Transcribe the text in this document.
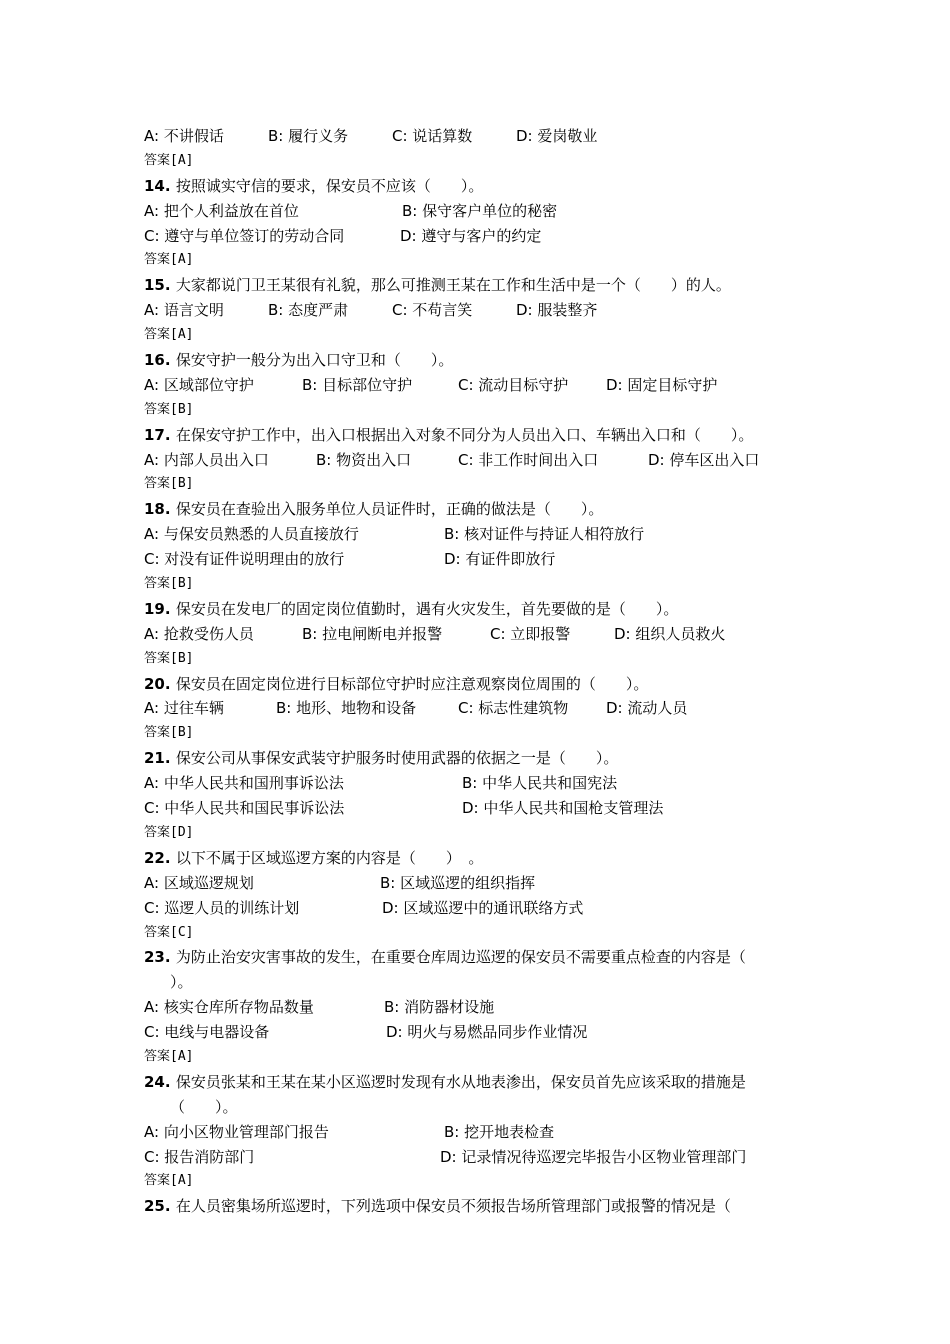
A: 不讲假话	B: 履行义务	C: 说话算数	D: 爱岗敬业
答案[A]
14. 按照诚实守信的要求，保安员不应该（　　）。
A: 把个人利益放在首位	B: 保守客户单位的秘密
C: 遵守与单位签订的劳动合同	D: 遵守与客户的约定
答案[A]
15. 大家都说门卫王某很有礼貌，那么可推测王某在工作和生活中是一个（　　）的人。
A: 语言文明	B: 态度严肃	C: 不苟言笑	D: 服装整齐
答案[A]
16. 保安守护一般分为出入口守卫和（　　）。
A: 区域部位守护	B: 目标部位守护	C: 流动目标守护	D: 固定目标守护
答案[B]
17. 在保安守护工作中，出入口根据出入对象不同分为人员出入口、车辆出入口和（　　）。
A: 内部人员出入口	B: 物资出入口	C: 非工作时间出入口	D: 停车区出入口
答案[B]
18. 保安员在查验出入服务单位人员证件时，正确的做法是（　　）。
A: 与保安员熟悉的人员直接放行	B: 核对证件与持证人相符放行
C: 对没有证件说明理由的放行	D: 有证件即放行
答案[B]
19. 保安员在发电厂的固定岗位值勤时，遇有火灾发生，首先要做的是（　　）。
A: 抢救受伤人员	B: 拉电闸断电并报警	C: 立即报警	D: 组织人员救火
答案[B]
20. 保安员在固定岗位进行目标部位守护时应注意观察岗位周围的（　　）。
A: 过往车辆	B: 地形、地物和设备	C: 标志性建筑物	D: 流动人员
答案[B]
21. 保安公司从事保安武装守护服务时使用武器的依据之一是（　　）。
A: 中华人民共和国刑事诉讼法	B: 中华人民共和国宪法
C: 中华人民共和国民事诉讼法	D: 中华人民共和国枪支管理法
答案[D]
22. 以下不属于区域巡逻方案的内容是（　　）　。
A: 区域巡逻规划	B: 区域巡逻的组织指挥
C: 巡逻人员的训练计划	D: 区域巡逻中的通讯联络方式
答案[C]
23. 为防止治安灾害事故的发生，在重要仓库周边巡逻的保安员不需要重点检查的内容是（
）。
A: 核实仓库所存物品数量	B: 消防器材设施
C: 电线与电器设备	D: 明火与易燃品同步作业情况
答案[A]
24. 保安员张某和王某在某小区巡逻时发现有水从地表渗出，保安员首先应该采取的措施是
（　　）。
A: 向小区物业管理部门报告	B: 挖开地表检查
C: 报告消防部门	D: 记录情况待巡逻完毕报告小区物业管理部门
答案[A]
25. 在人员密集场所巡逻时，下列选项中保安员不须报告场所管理部门或报警的情况是（
